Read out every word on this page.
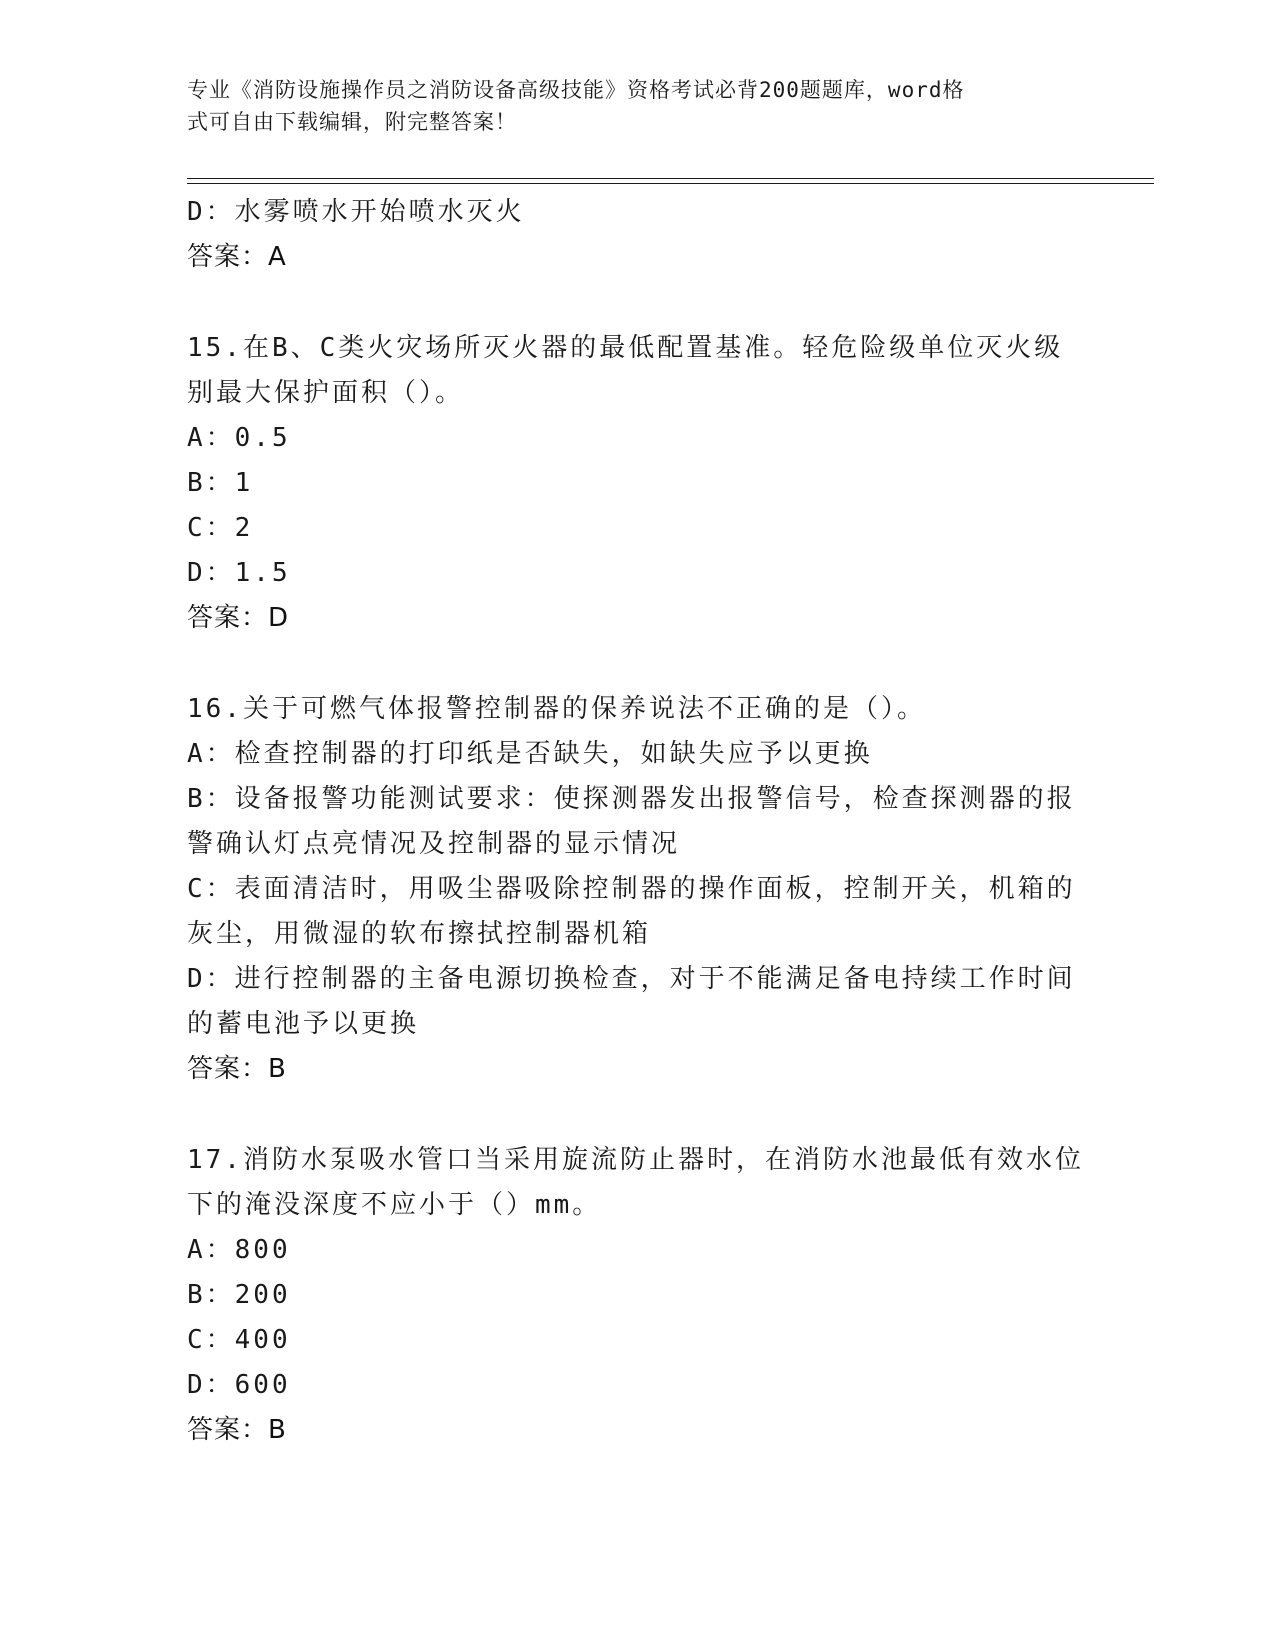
专业《消防设施操作员之消防设备高级技能》资格考试必背200题题库，word格
式可自由下载编辑，附完整答案！
D：水雾喷水开始喷水灭火
答案：A
15.在B、C类火灾场所灭火器的最低配置基准。轻危险级单位灭火级
别最大保护面积（）。
A：0.5
B：1
C：2
D：1.5
答案：D
16.关于可燃气体报警控制器的保养说法不正确的是（）。
A：检查控制器的打印纸是否缺失，如缺失应予以更换
B：设备报警功能测试要求：使探测器发出报警信号，检查探测器的报
警确认灯点亮情况及控制器的显示情况
C：表面清洁时，用吸尘器吸除控制器的操作面板，控制开关，机箱的
灰尘，用微湿的软布擦拭控制器机箱
D：进行控制器的主备电源切换检查，对于不能满足备电持续工作时间
的蓄电池予以更换
答案：B
17.消防水泵吸水管口当采用旋流防止器时，在消防水池最低有效水位
下的淹没深度不应小于（）mm。
A：800
B：200
C：400
D：600
答案：B
